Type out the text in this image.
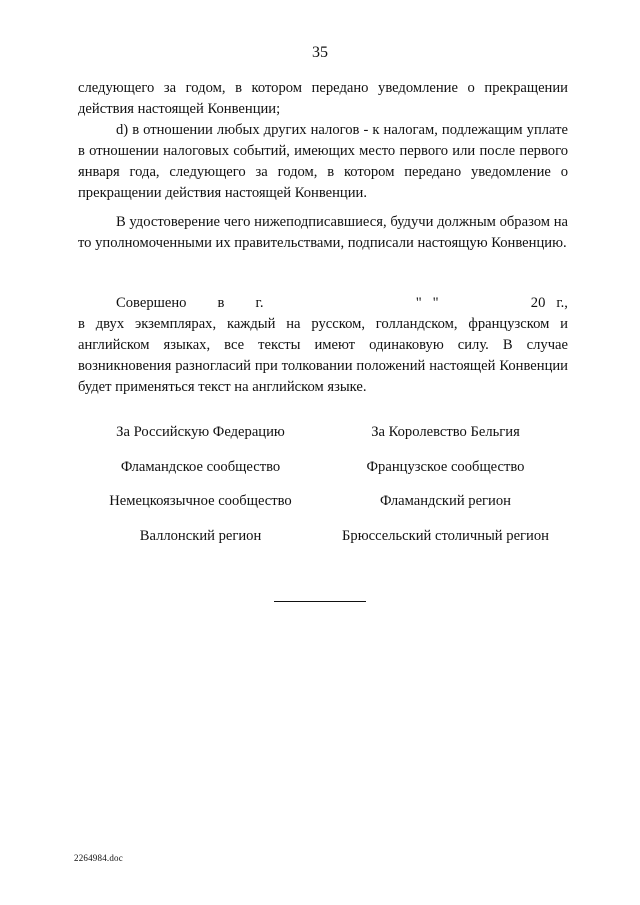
35

следующего за годом, в котором передано уведомление о прекращении действия настоящей Конвенции;

d) в отношении любых других налогов - к налогам, подлежащим уплате в отношении налоговых событий, имеющих место первого или после первого января года, следующего за годом, в котором передано уведомление о прекращении действия настоящей Конвенции.

В удостоверение чего нижеподписавшиеся, будучи должным образом на то уполномоченными их правительствами, подписали настоящую Конвенцию.

Совершено в г.	"   "	20   г.,

в двух экземплярах, каждый на русском, голландском, французском и английском языках, все тексты имеют одинаковую силу. В случае возникновения разногласий при толковании положений настоящей Конвенции будет применяться текст на английском языке.

За Российскую Федерацию	За Королевство Бельгия
Фламандское сообщество	Французское сообщество
Немецкоязычное сообщество	Фламандский регион
Валлонский регион	Брюссельский столичный регион
2264984.doc
